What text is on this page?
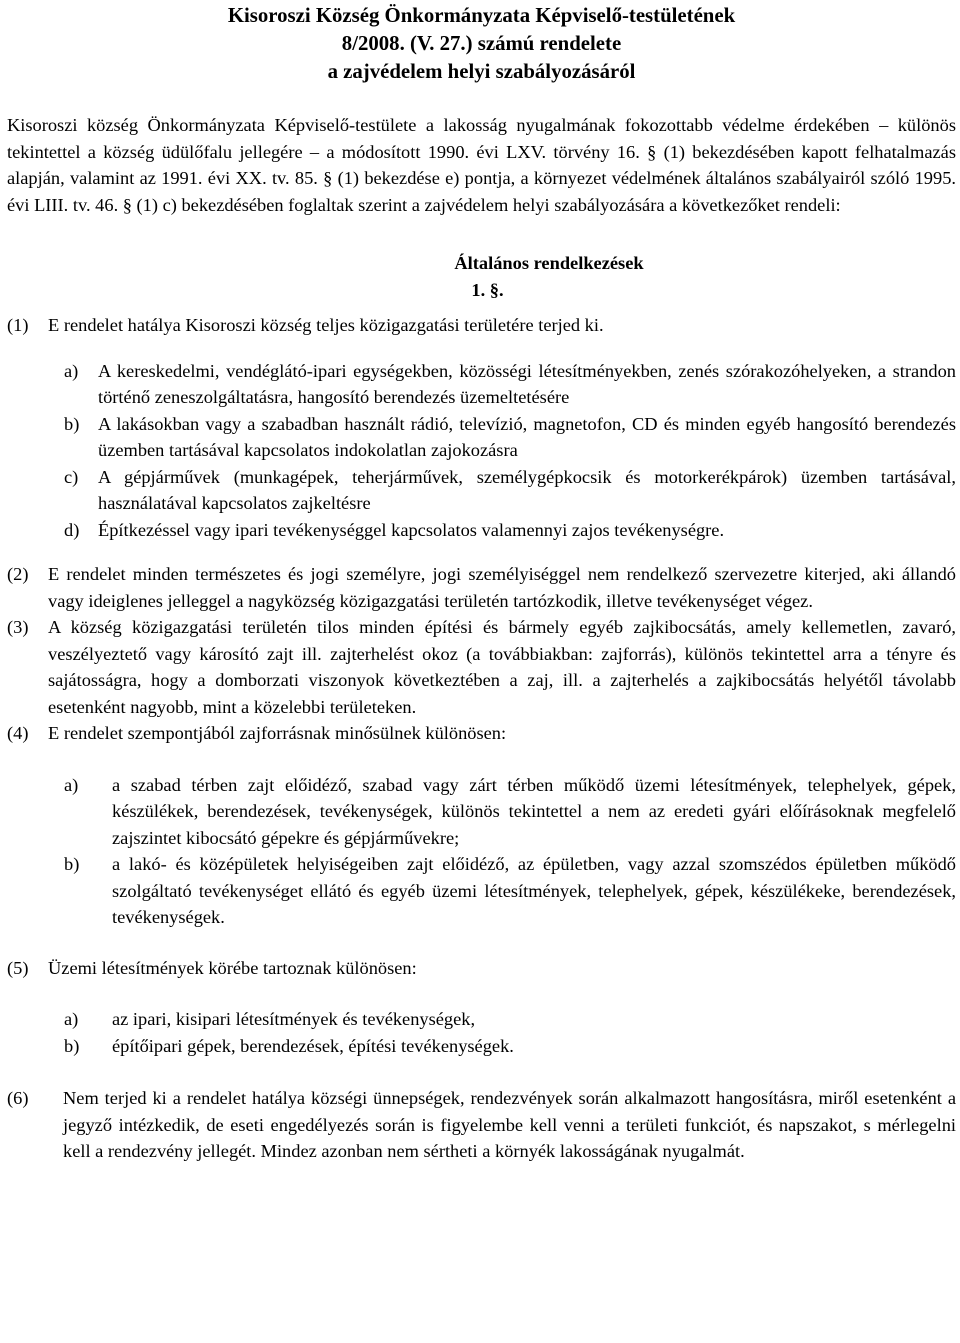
Kisoroszi Község Önkormányzata Képviselő-testületének

8/2008. (V. 27.) számú rendelete

a zajvédelem helyi szabályozásáról

Kisoroszi község Önkormányzata Képviselő-testülete a lakosság nyugalmának fokozottabb védelme érdekében – különös tekintettel a község üdülőfalu jellegére – a módosított 1990. évi LXV. törvény 16. § (1) bekezdésében kapott felhatalmazás alapján, valamint az 1991. évi XX. tv. 85. § (1) bekezdése e) pontja, a környezet védelmének általános szabályairól szóló 1995. évi LIII. tv. 46. § (1) c) bekezdésében foglaltak szerint a zajvédelem helyi szabályozására a következőket rendeli:

Általános rendelkezések

1. §.

(1)	E rendelet hatálya Kisoroszi község teljes közigazgatási területére terjed ki.
a)	A kereskedelmi, vendéglátó-ipari egységekben, közösségi létesítményekben, zenés szórakozóhelyeken, a strandon történő zeneszolgáltatásra, hangosító berendezés üzemeltetésére
b)	A lakásokban vagy a szabadban használt rádió, televízió, magnetofon, CD és minden egyéb hangosító berendezés üzemben tartásával kapcsolatos indokolatlan zajokozásra
c)	A gépjárművek (munkagépek, teherjárművek, személygépkocsik és motorkerékpárok) üzemben tartásával, használatával kapcsolatos zajkeltésre
d)	Építkezéssel vagy ipari tevékenységgel kapcsolatos valamennyi zajos tevékenységre.
(2)	E rendelet minden természetes és jogi személyre, jogi személyiséggel nem rendelkező szervezetre kiterjed, aki állandó vagy ideiglenes jelleggel a nagyközség közigazgatási területén tartózkodik, illetve tevékenységet végez.
(3)	A község közigazgatási területén tilos minden építési és bármely egyéb zajkibocsátás, amely kellemetlen, zavaró, veszélyeztető vagy károsító zajt ill. zajterhelést okoz (a továbbiakban: zajforrás), különös tekintettel arra a tényre és sajátosságra, hogy a domborzati viszonyok következtében a zaj, ill. a zajterhelés a zajkibocsátás helyétől távolabb esetenként nagyobb, mint a közelebbi területeken.
(4)	E rendelet szempontjából zajforrásnak minősülnek különösen:
a)	a szabad térben zajt előidéző, szabad vagy zárt térben működő üzemi létesítmények, telephelyek, gépek, készülékek, berendezések, tevékenységek, különös tekintettel a nem az eredeti gyári előírásoknak megfelelő zajszintet kibocsátó gépekre és gépjárművekre;
b)	a lakó- és középületek helyiségeiben zajt előidéző, az épületben, vagy azzal szomszédos épületben működő szolgáltató tevékenységet ellátó és egyéb üzemi létesítmények, telephelyek, gépek, készülékeke, berendezések, tevékenységek.
(5)	Üzemi létesítmények körébe tartoznak különösen:
a)	az ipari, kisipari létesítmények és tevékenységek,
b)	építőipari gépek, berendezések, építési tevékenységek.
(6)	Nem terjed ki a rendelet hatálya községi ünnepségek, rendezvények során alkalmazott hangosításra, miről esetenként a jegyző intézkedik, de eseti engedélyezés során is figyelembe kell venni a területi funkciót, és napszakot, s mérlegelni kell a rendezvény jellegét. Mindez azonban nem sértheti a környék lakosságának nyugalmát.
